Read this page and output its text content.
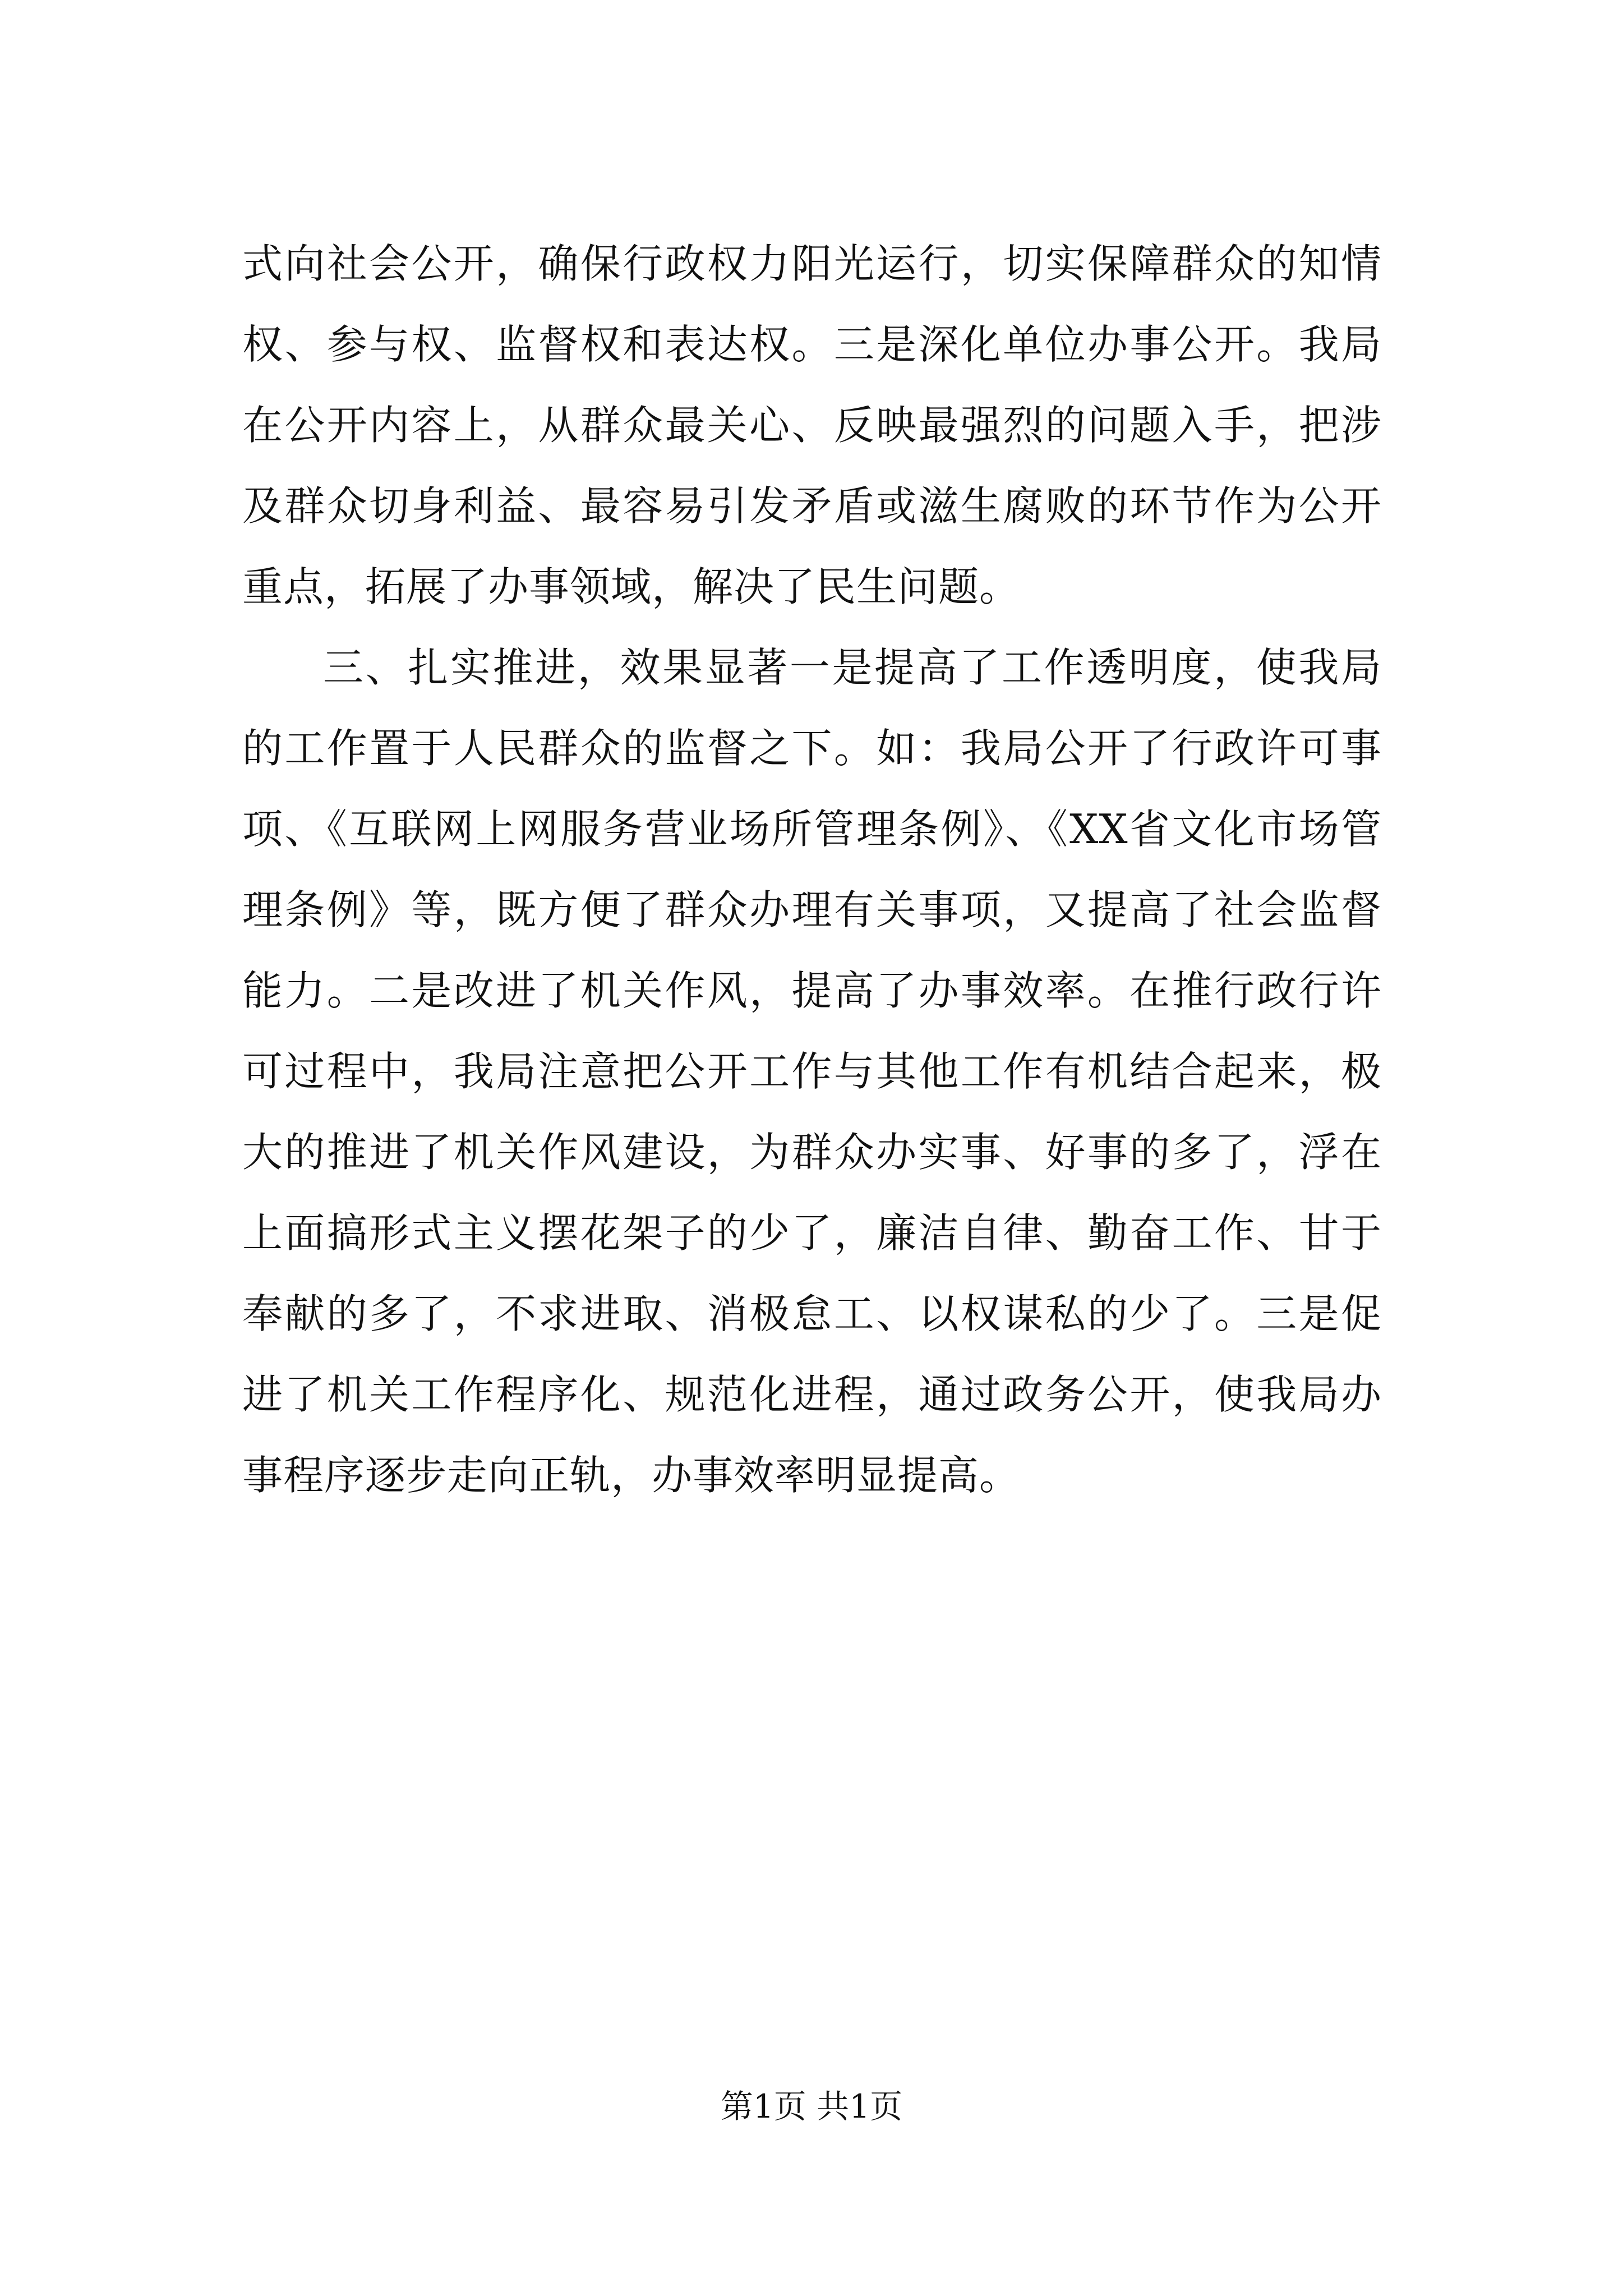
式向社会公开，确保行政权力阳光运行，切实保障群众的知情权、参与权、监督权和表达权。三是深化单位办事公开。我局在公开内容上，从群众最关心、反映最强烈的问题入手，把涉及群众切身利益、最容易引发矛盾或滋生腐败的环节作为公开重点，拓展了办事领域，解决了民生问题。

三、扎实推进，效果显著一是提高了工作透明度，使我局的工作置于人民群众的监督之下。如：我局公开了行政许可事项、《互联网上网服务营业场所管理条例》、《XX省文化市场管理条例》等，既方便了群众办理有关事项，又提高了社会监督能力。二是改进了机关作风，提高了办事效率。在推行政行许可过程中，我局注意把公开工作与其他工作有机结合起来，极大的推进了机关作风建设，为群众办实事、好事的多了，浮在上面搞形式主义摆花架子的少了，廉洁自律、勤奋工作、甘于奉献的多了，不求进取、消极怠工、以权谋私的少了。三是促进了机关工作程序化、规范化进程，通过政务公开，使我局办事程序逐步走向正轨，办事效率明显提高。

第1页 共1页
